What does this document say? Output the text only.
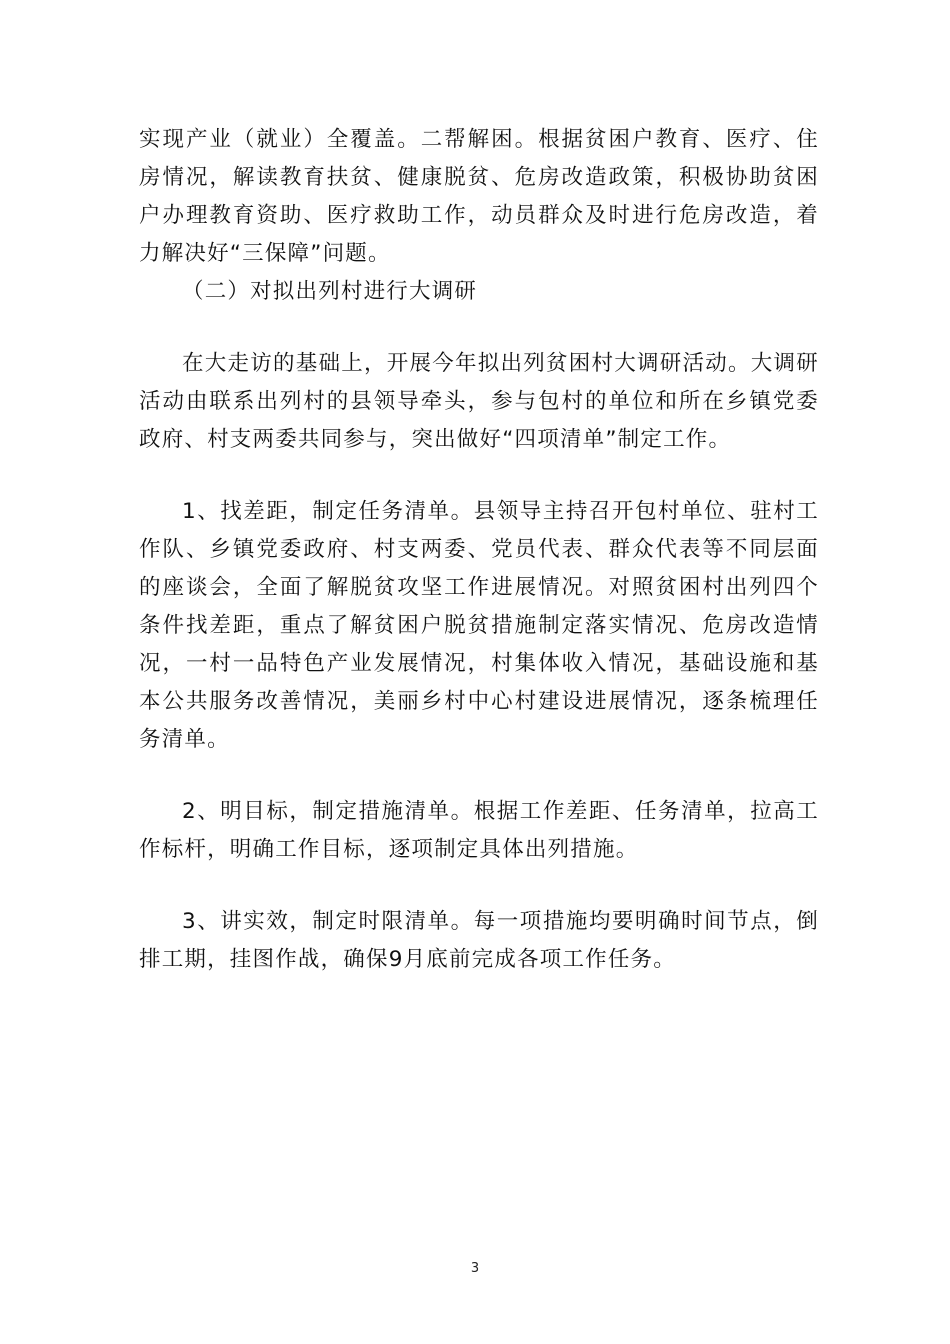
实现产业（就业）全覆盖。二帮解困。根据贫困户教育、医疗、住房情况，解读教育扶贫、健康脱贫、危房改造政策，积极协助贫困户办理教育资助、医疗救助工作，动员群众及时进行危房改造，着力解决好“三保障”问题。

（二）对拟出列村进行大调研

在大走访的基础上，开展今年拟出列贫困村大调研活动。大调研活动由联系出列村的县领导牵头，参与包村的单位和所在乡镇党委政府、村支两委共同参与，突出做好“四项清单”制定工作。

1、找差距，制定任务清单。县领导主持召开包村单位、驻村工作队、乡镇党委政府、村支两委、党员代表、群众代表等不同层面的座谈会，全面了解脱贫攻坚工作进展情况。对照贫困村出列四个条件找差距，重点了解贫困户脱贫措施制定落实情况、危房改造情况，一村一品特色产业发展情况，村集体收入情况，基础设施和基本公共服务改善情况，美丽乡村中心村建设进展情况，逐条梳理任务清单。

2、明目标，制定措施清单。根据工作差距、任务清单，拉高工作标杆，明确工作目标，逐项制定具体出列措施。

3、讲实效，制定时限清单。每一项措施均要明确时间节点，倒排工期，挂图作战，确保9月底前完成各项工作任务。

3
